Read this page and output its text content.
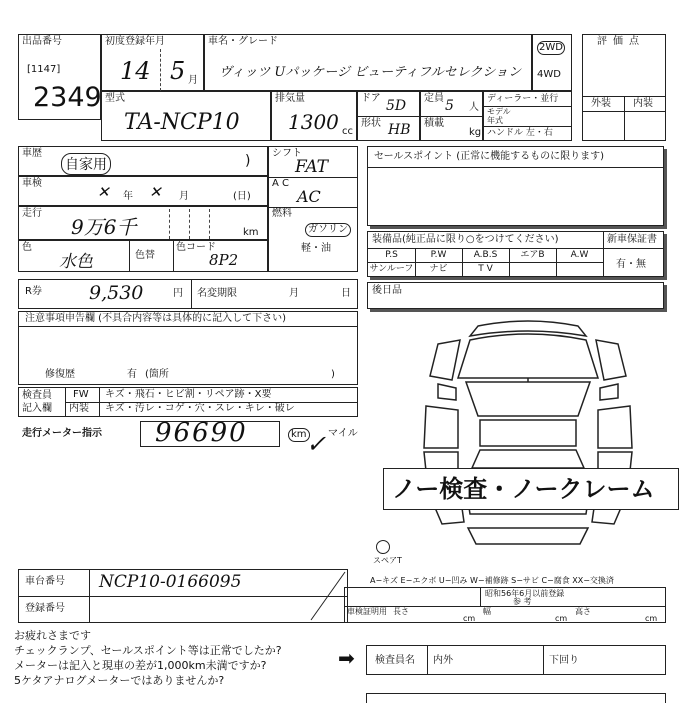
出品番号
[1147]
2349
初度登録年月
14 5 月
車名・グレード
ヴィッツ Uパッケージ ビューティフルセレクション
2WD
4WD
評価点
外装 内装
型式
TA-NCP10
排気量
1300 cc
ドア 5D
形状 HB
定員 5 人
積載
kg
ディーラー・並行
モデル
年式
ハンドル 左・右
車歴
自家用	)
車検	✕ 年 ✕ 月	(日)
走行
9万6千	km
色
水色	色替
色コード
8P2
R券 9,530	円 名変期限	月	日
注意事項申告欄 (不具合内容等は具体的に記入して下さい)
修復歴	有 (箇所	)
検査員
記入欄
FW キズ・飛石・ヒビ割・リペア跡・X要
内装 キズ・汚レ・コゲ・穴・スレ・キレ・破レ
走行メーター指示 96690	km ✓ マイル
シフト
FAT
A C
AC
燃料
ガソリン
軽・油
セールスポイント (正常に機能するものに限ります)
装備品(純正品に限り○をつけてください)	新車保証書
有・無
P.S	P.W	A.B.S	エアB	A.W
サンルーフ	ナビ	T V
後日品
ノー検査・ノークレーム
スペアT
A−キズ E−エクボ U−凹み W−補修跡 S−サビ C−腐食 XX−交換済
車台番号 NCP10-0166095
登録番号
昭和56年6月以前登録
参 考
車検証明用 長さ
cm
幅
cm
高さ
cm
お疲れさまです
チェックランプ、セールスポイント等は正常でしたか?
メーターは記入と現車の差が1,000km未満ですか?
5ケタアナログメーターではありませんか?
➡ 検査員名 内外	下回り
